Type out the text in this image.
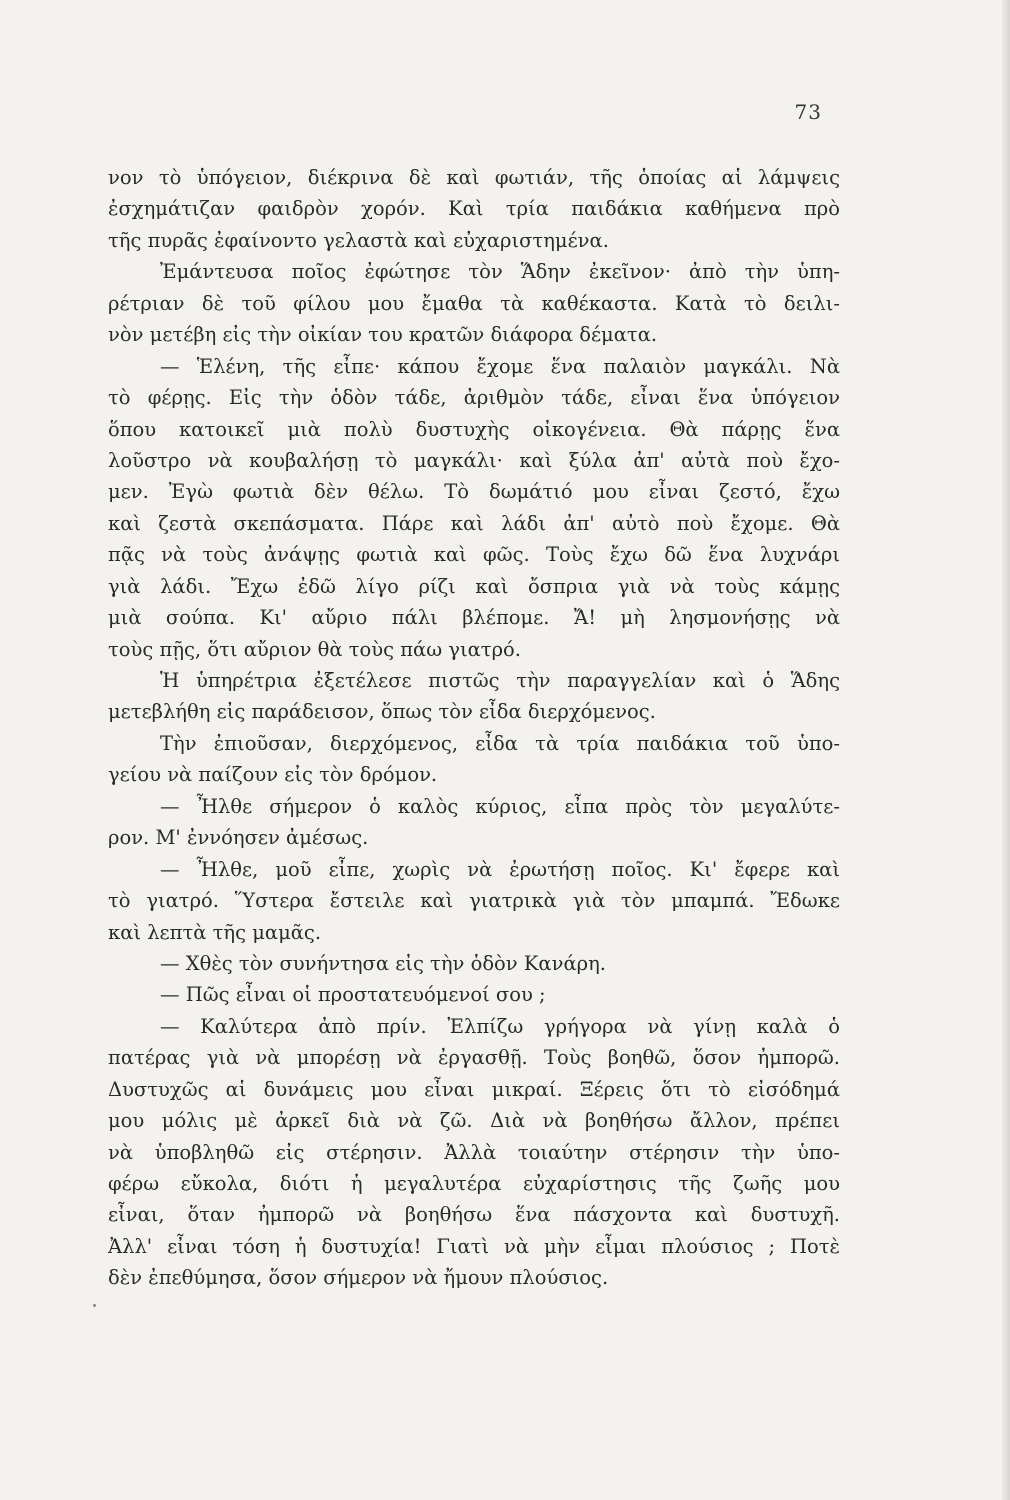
73
νον τὸ ὑπόγειον, διέκρινα δὲ καὶ φωτιάν, τῆς ὁποίας αἱ λάμψεις
ἐσχημάτιζαν φαιδρὸν χορόν. Καὶ τρία παιδάκια καθήμενα πρὸ
τῆς πυρᾶς ἐφαίνοντο γελαστὰ καὶ εὐχαριστημένα.
Ἐμάντευσα ποῖος ἐφώτησε τὸν Ἅδην ἐκεῖνον· ἀπὸ τὴν ὑπη-
ρέτριαν δὲ τοῦ φίλου μου ἔμαθα τὰ καθέκαστα. Κατὰ τὸ δειλι-
νὸν μετέβη εἰς τὴν οἰκίαν του κρατῶν διάφορα δέματα.
— Ἑλένη, τῆς εἶπε· κάπου ἔχομε ἕνα παλαιὸν μαγκάλι. Νὰ
τὸ φέρῃς. Εἰς τὴν ὁδὸν τάδε, ἀριθμὸν τάδε, εἶναι ἕνα ὑπόγειον
ὅπου κατοικεῖ μιὰ πολὺ δυστυχὴς οἰκογένεια. Θὰ πάρῃς ἕνα
λοῦστρο νὰ κουβαλήσῃ τὸ μαγκάλι· καὶ ξύλα ἀπ' αὐτὰ ποὺ ἔχο-
μεν. Ἐγὼ φωτιὰ δὲν θέλω. Τὸ δωμάτιό μου εἶναι ζεστό, ἔχω
καὶ ζεστὰ σκεπάσματα. Πάρε καὶ λάδι ἀπ' αὐτὸ ποὺ ἔχομε. Θὰ
πᾷς νὰ τοὺς ἀνάψῃς φωτιὰ καὶ φῶς. Τοὺς ἔχω δῶ ἕνα λυχνάρι
γιὰ λάδι. Ἔχω ἐδῶ λίγο ρίζι καὶ ὄσπρια γιὰ νὰ τοὺς κάμῃς
μιὰ σούπα. Κι' αὔριο πάλι βλέπομε. Ἄ! μὴ λησμονήσῃς νὰ
τοὺς πῇς, ὅτι αὔριον θὰ τοὺς πάω γιατρό.
Ἡ ὑπηρέτρια ἐξετέλεσε πιστῶς τὴν παραγγελίαν καὶ ὁ Ἅδης
μετεβλήθη εἰς παράδεισον, ὅπως τὸν εἶδα διερχόμενος.
Τὴν ἐπιοῦσαν, διερχόμενος, εἶδα τὰ τρία παιδάκια τοῦ ὑπο-
γείου νὰ παίζουν εἰς τὸν δρόμον.
— Ἦλθε σήμερον ὁ καλὸς κύριος, εἶπα πρὸς τὸν μεγαλύτε-
ρον. Μ' ἐννόησεν ἀμέσως.
— Ἦλθε, μοῦ εἶπε, χωρὶς νὰ ἐρωτήσῃ ποῖος. Κι' ἔφερε καὶ
τὸ γιατρό. Ὕστερα ἔστειλε καὶ γιατρικὰ γιὰ τὸν μπαμπά. Ἔδωκε
καὶ λεπτὰ τῆς μαμᾶς.
— Χθὲς τὸν συνήντησα εἰς τὴν ὁδὸν Κανάρη.
— Πῶς εἶναι οἱ προστατευόμενοί σου ;
— Καλύτερα ἀπὸ πρίν. Ἐλπίζω γρήγορα νὰ γίνῃ καλὰ ὁ
πατέρας γιὰ νὰ μπορέσῃ νὰ ἐργασθῇ. Τοὺς βοηθῶ, ὅσον ἠμπορῶ.
Δυστυχῶς αἱ δυνάμεις μου εἶναι μικραί. Ξέρεις ὅτι τὸ εἰσόδημά
μου μόλις μὲ ἀρκεῖ διὰ νὰ ζῶ. Διὰ νὰ βοηθήσω ἄλλον, πρέπει
νὰ ὑποβληθῶ εἰς στέρησιν. Ἀλλὰ τοιαύτην στέρησιν τὴν ὑπο-
φέρω εὔκολα, διότι ἡ μεγαλυτέρα εὐχαρίστησις τῆς ζωῆς μου
εἶναι, ὅταν ἠμπορῶ νὰ βοηθήσω ἕνα πάσχοντα καὶ δυστυχῆ.
Ἀλλ' εἶναι τόση ἡ δυστυχία! Γιατὶ νὰ μὴν εἶμαι πλούσιος ; Ποτὲ
δὲν ἐπεθύμησα, ὅσον σήμερον νὰ ἤμουν πλούσιος.
